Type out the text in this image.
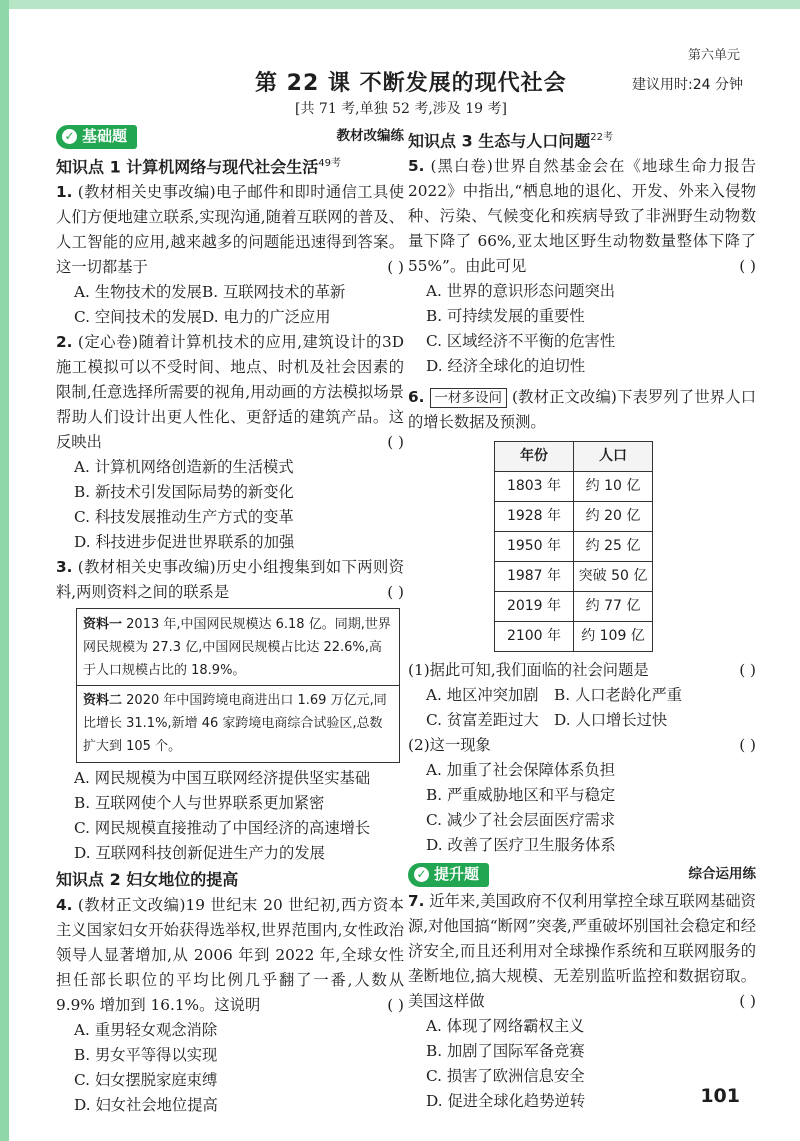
第六单元
第 22 课 不断发展的现代社会	建议用时:24 分钟
[共 71 考,单独 52 考,涉及 19 考]
✓ 基础题	教材改编练
知识点 1 计算机网络与现代社会生活$^{49考}$
1. (教材相关史事改编)电子邮件和即时通信工具使人们方便地建立联系,实现沟通,随着互联网的普及、人工智能的应用,越来越多的问题能迅速得到答案。这一切都基于	( )
A. 生物技术的发展 B. 互联网技术的革新
C. 空间技术的发展 D. 电力的广泛应用
2. (定心卷)随着计算机技术的应用,建筑设计的3D施工模拟可以不受时间、地点、时机及社会因素的限制,任意选择所需要的视角,用动画的方法模拟场景帮助人们设计出更人性化、更舒适的建筑产品。这反映出	( )
A. 计算机网络创造新的生活模式
B. 新技术引发国际局势的新变化
C. 科技发展推动生产方式的变革
D. 科技进步促进世界联系的加强
3. (教材相关史事改编)历史小组搜集到如下两则资料,两则资料之间的联系是	( )
资料一 2013 年,中国网民规模达 6.18 亿。同期,世界网民规模为 27.3 亿,中国网民规模占比达 22.6%,高于人口规模占比的 18.9%。
资料二 2020 年中国跨境电商进出口 1.69 万亿元,同比增长 31.1%,新增 46 家跨境电商综合试验区,总数扩大到 105 个。
A. 网民规模为中国互联网经济提供坚实基础
B. 互联网使个人与世界联系更加紧密
C. 网民规模直接推动了中国经济的高速增长
D. 互联网科技创新促进生产力的发展
知识点 2 妇女地位的提高
4. (教材正文改编)19 世纪末 20 世纪初,西方资本主义国家妇女开始获得选举权,世界范围内,女性政治领导人显著增加,从 2006 年到 2022 年,全球女性担任部长职位的平均比例几乎翻了一番,人数从 9.9% 增加到 16.1%。这说明	( )
A. 重男轻女观念消除
B. 男女平等得以实现
C. 妇女摆脱家庭束缚
D. 妇女社会地位提高
知识点 3 生态与人口问题$^{22考}$
5. (黑白卷)世界自然基金会在《地球生命力报告 2022》中指出,“栖息地的退化、开发、外来入侵物种、污染、气候变化和疾病导致了非洲野生动物数量下降了 66%,亚太地区野生动物数量整体下降了 55%”。由此可见	( )
A. 世界的意识形态问题突出
B. 可持续发展的重要性
C. 区域经济不平衡的危害性
D. 经济全球化的迫切性
6. 一材多设问 (教材正文改编)下表罗列了世界人口的增长数据及预测。
年份	人口
1803 年	约 10 亿
1928 年	约 20 亿
1950 年	约 25 亿
1987 年	突破 50 亿
2019 年	约 77 亿
2100 年	约 109 亿
(1)据此可知,我们面临的社会问题是	( )
A. 地区冲突加剧	B. 人口老龄化严重
C. 贫富差距过大	D. 人口增长过快
(2)这一现象	( )
A. 加重了社会保障体系负担
B. 严重威胁地区和平与稳定
C. 减少了社会层面医疗需求
D. 改善了医疗卫生服务体系
✓ 提升题	综合运用练
7. 近年来,美国政府不仅利用掌控全球互联网基础资源,对他国搞“断网”突袭,严重破坏别国社会稳定和经济安全,而且还利用对全球操作系统和互联网服务的垄断地位,搞大规模、无差别监听监控和数据窃取。美国这样做	( )
A. 体现了网络霸权主义
B. 加剧了国际军备竞赛
C. 损害了欧洲信息安全
D. 促进全球化趋势逆转	101
